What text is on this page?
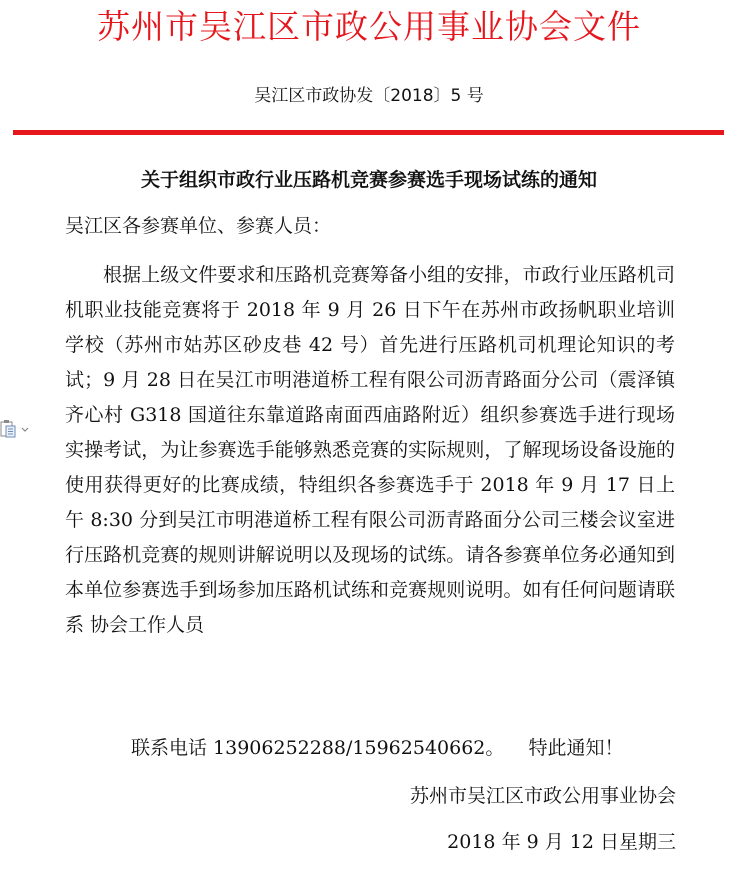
苏州市吴江区市政公用事业协会文件
吴江区市政协发〔2018〕5 号
关于组织市政行业压路机竞赛参赛选手现场试练的通知
吴江区各参赛单位、参赛人员：

根据上级文件要求和压路机竞赛筹备小组的安排，市政行业压路机司机职业技能竞赛将于 2018 年 9 月 26 日下午在苏州市政扬帆职业培训学校（苏州市姑苏区砂皮巷 42 号）首先进行压路机司机理论知识的考试；9 月 28 日在吴江市明港道桥工程有限公司沥青路面分公司（震泽镇齐心村 G318 国道往东靠道路南面西庙路附近）组织参赛选手进行现场实操考试，为让参赛选手能够熟悉竞赛的实际规则，了解现场设备设施的使用获得更好的比赛成绩，特组织各参赛选手于 2018 年 9 月 17 日上午 8:30 分到吴江市明港道桥工程有限公司沥青路面分公司三楼会议室进行压路机竞赛的规则讲解说明以及现场的试练。请各参赛单位务必通知到本单位参赛选手到场参加压路机试练和竞赛规则说明。如有任何问题请联系 协会工作人员

联系电话 13906252288/15962540662。    特此通知！
苏州市吴江区市政公用事业协会
2018 年 9 月 12 日星期三
